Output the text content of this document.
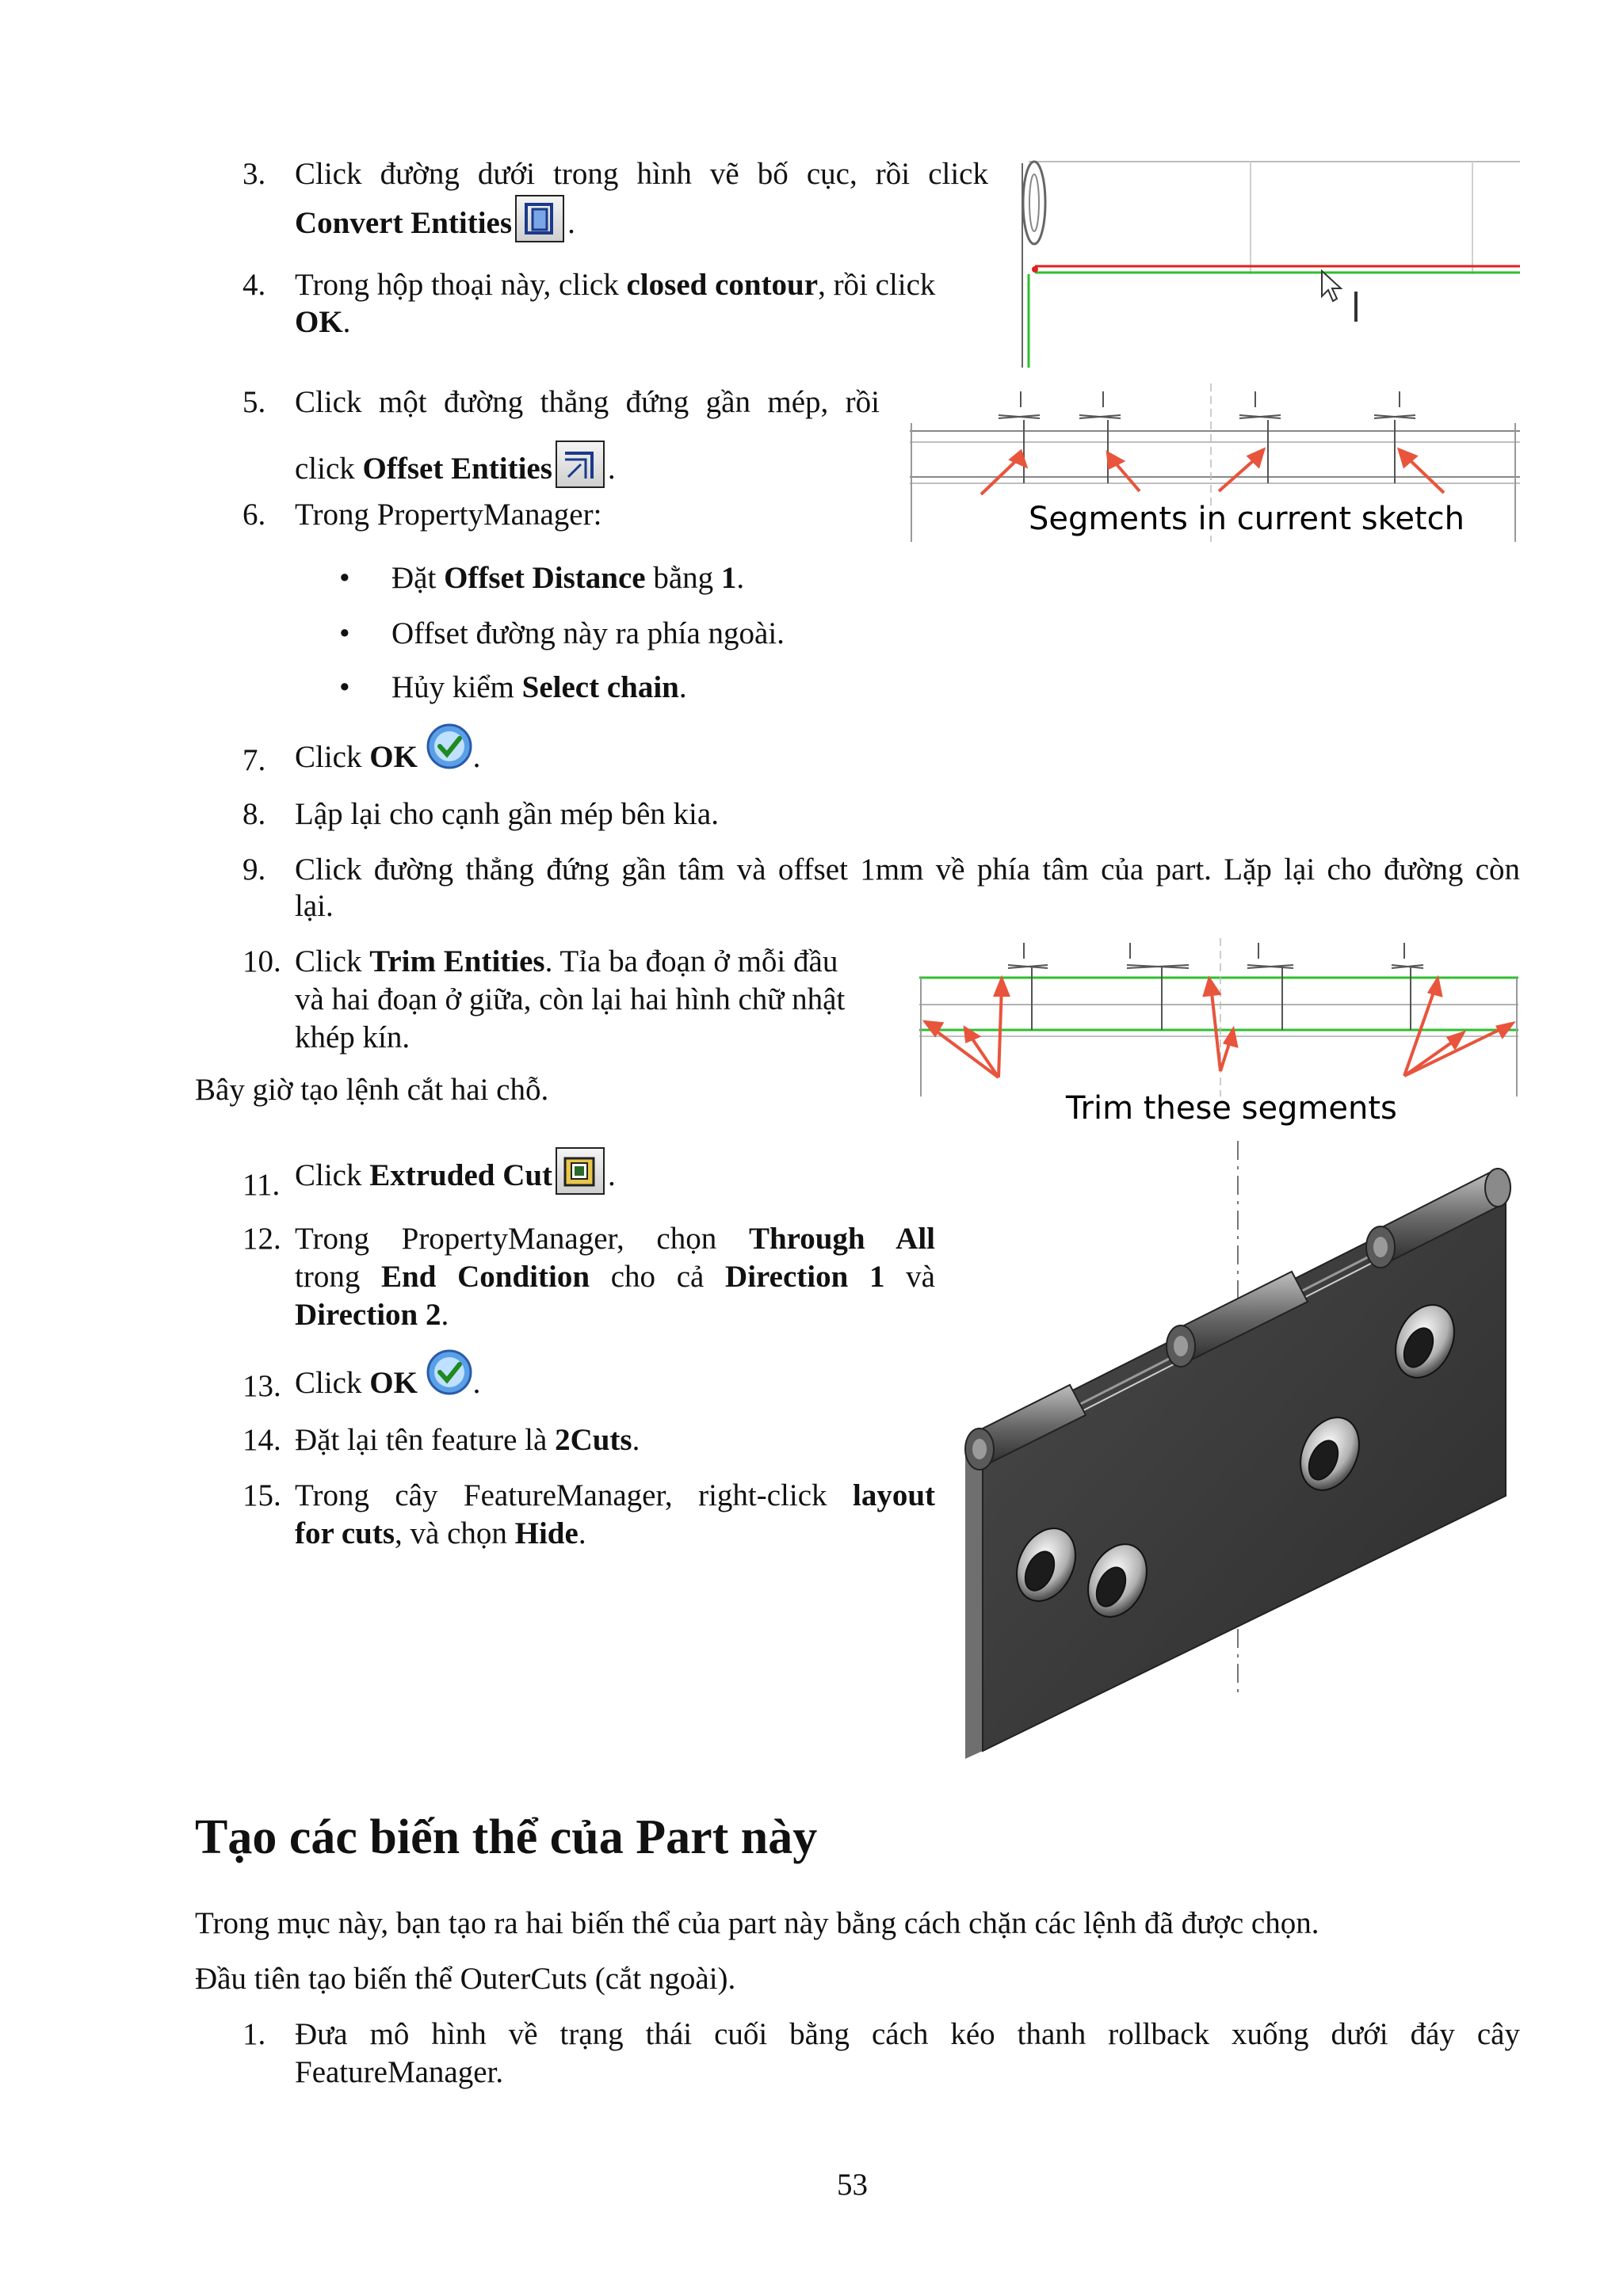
3. Click đường dưới trong hình vẽ bố cục, rồi click
Convert Entities .
4. Trong hộp thoại này, click closed contour, rồi click
OK.
5. Click một đường thẳng đứng gần mép, rồi
click Offset Entities .
Segments in current sketch
6. Trong PropertyManager:
• Đặt Offset Distance bằng 1.
• Offset đường này ra phía ngoài.
• Hủy kiểm Select chain.
7. Click OK .
8. Lập lại cho cạnh gần mép bên kia.
9. Click đường thẳng đứng gần tâm và offset 1mm về phía tâm của part. Lặp lại cho đường còn
lại.
10. Click Trim Entities. Tỉa ba đoạn ở mỗi đầu
và hai đoạn ở giữa, còn lại hai hình chữ nhật
khép kín.
Bây giờ tạo lệnh cắt hai chỗ.
Trim these segments
11. Click Extruded Cut .
12. Trong PropertyManager, chọn Through All
trong End Condition cho cả Direction 1 và
Direction 2.
13. Click OK .
14. Đặt lại tên feature là 2Cuts.
15. Trong cây FeatureManager, right-click layout
for cuts, và chọn Hide.
Tạo các biến thể của Part này
Trong mục này, bạn tạo ra hai biến thể của part này bằng cách chặn các lệnh đã được chọn.
Đầu tiên tạo biến thể OuterCuts (cắt ngoài).
1. Đưa mô hình về trạng thái cuối bằng cách kéo thanh rollback xuống dưới đáy cây
FeatureManager.
53
